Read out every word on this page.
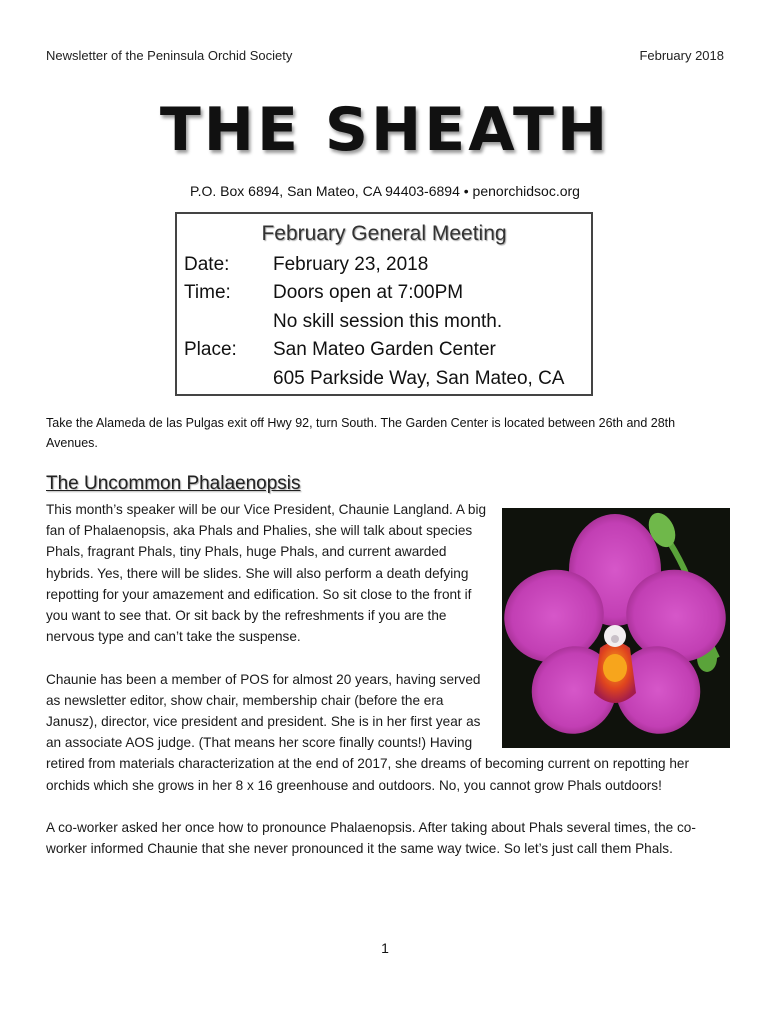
Newsletter of the Peninsula Orchid Society	February 2018
THE SHEATH
P.O. Box 6894, San Mateo, CA 94403-6894 • penorchidsoc.org
February General Meeting
Date: February 23, 2018
Time: Doors open at 7:00PM
No skill session this month.
Place: San Mateo Garden Center
605 Parkside Way, San Mateo, CA
Take the Alameda de las Pulgas exit off Hwy 92, turn South. The Garden Center is located between 26th and 28th Avenues.
The Uncommon Phalaenopsis

This month’s speaker will be our Vice President, Chaunie Langland. A big fan of Phalaenopsis, aka Phals and Phalies, she will talk about species Phals, fragrant Phals, tiny Phals, huge Phals, and current awarded hybrids. Yes, there will be slides. She will also perform a death defying repotting for your amazement and edification. So sit close to the front if you want to see that. Or sit back by the refreshments if you are the nervous type and can’t take the suspense.

Chaunie has been a member of POS for almost 20 years, having served as newsletter editor, show chair, membership chair (before the era Janusz), director, vice president and president. She is in her first year as an associate AOS judge. (That means her score finally counts!) Having retired from materials characterization at the end of 2017, she dreams of becoming current on repotting her orchids which she grows in her 8 x 16 greenhouse and outdoors. No, you cannot grow Phals outdoors!

A co-worker asked her once how to pronounce Phalaenopsis. After taking about Phals several times, the co-worker informed Chaunie that she never pronounced it the same way twice. So let’s just call them Phals.

1
